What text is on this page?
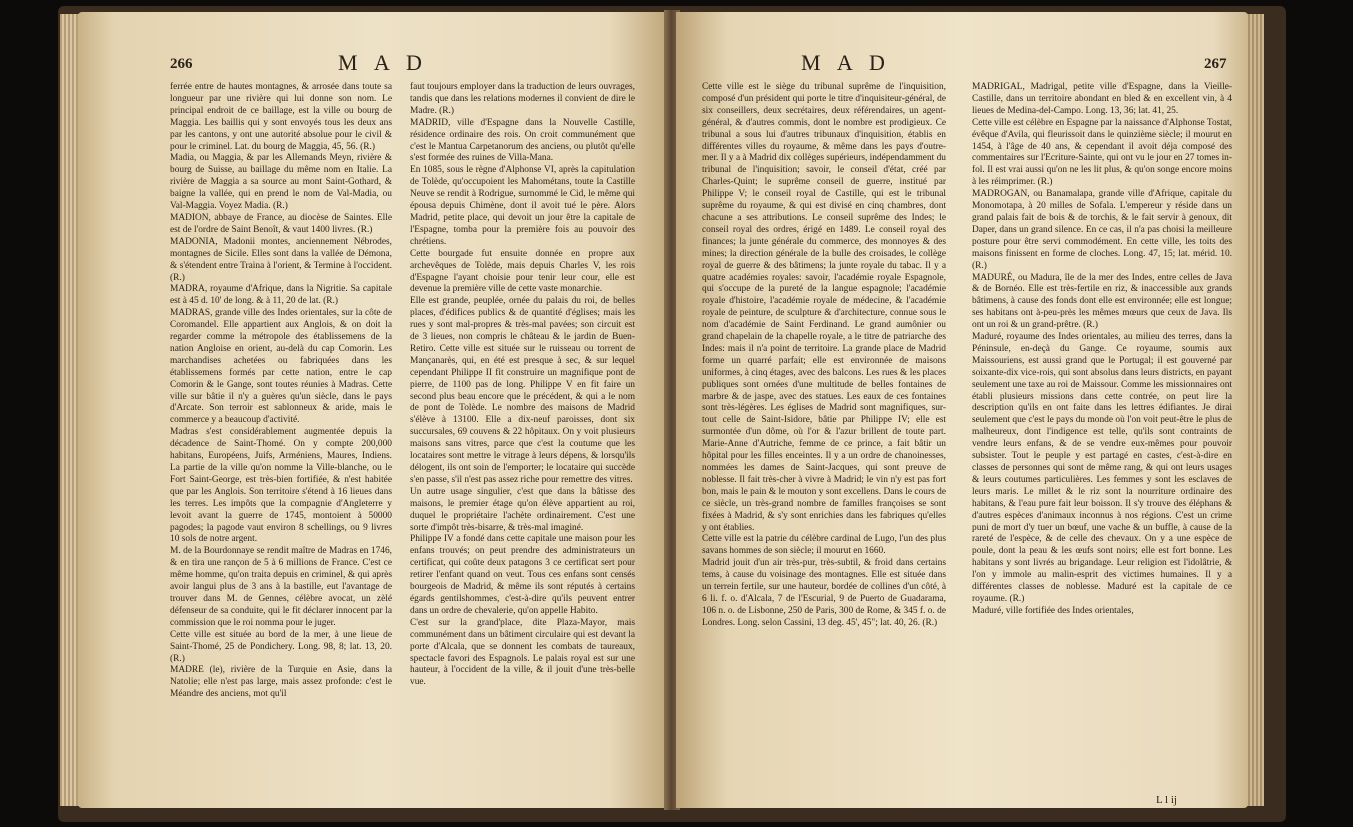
266	M A D

ferrée entre de hautes montagnes, & arrosée dans toute sa longueur par une rivière qui lui donne son nom. Le principal endroit de ce baillage, est la ville ou bourg de Maggia. Les baillis qui y sont envoyés tous les deux ans par les cantons, y ont une autorité absolue pour le civil & pour le criminel. Lat. du bourg de Maggia, 45, 56. (R.)

Madia, ou Maggia, & par les Allemands Meyn, rivière & bourg de Suisse, au baillage du même nom en Italie. La rivière de Maggia a sa source au mont Saint-Gothard, & baigne la vallée, qui en prend le nom de Val-Madia, ou Val-Maggia. Voyez Madia. (R.)

MADION, abbaye de France, au diocèse de Saintes. Elle est de l'ordre de Saint Benoît, & vaut 1400 livres. (R.)

MADONIA, Madonii montes, anciennement Nébrodes, montagnes de Sicile. Elles sont dans la vallée de Démona, & s'étendent entre Traina à l'orient, & Termine à l'occident. (R.)

MADRA, royaume d'Afrique, dans la Nigritie. Sa capitale est à 45 d. 10' de long. & à 11, 20 de lat. (R.)

MADRAS, grande ville des Indes orientales, sur la côte de Coromandel. Elle appartient aux Anglois, & on doit la regarder comme la métropole des établissemens de la nation Angloise en orient, au-delà du cap Comorin. Les marchandises achetées ou fabriquées dans les établissemens formés par cette nation, entre le cap Comorin & le Gange, sont toutes réunies à Madras. Cette ville sur bâtie il n'y a guères qu'un siècle, dans le pays d'Arcate. Son terroir est sablonneux & aride, mais le commerce y a beaucoup d'activité.

Madras s'est considérablement augmentée depuis la décadence de Saint-Thomé. On y compte 200,000 habitans, Européens, Juifs, Arméniens, Maures, Indiens. La partie de la ville qu'on nomme la Ville-blanche, ou le Fort Saint-George, est très-bien fortifiée, & n'est habitée que par les Anglois. Son territoire s'étend à 16 lieues dans les terres. Les impôts que la compagnie d'Angleterre y levoit avant la guerre de 1745, montoient à 50000 pagodes; la pagode vaut environ 8 schellings, ou 9 livres 10 sols de notre argent.

M. de la Bourdonnaye se rendit maître de Madras en 1746, & en tira une rançon de 5 à 6 millions de France. C'est ce même homme, qu'on traita depuis en criminel, & qui après avoir langui plus de 3 ans à la bastille, eut l'avantage de trouver dans M. de Gennes, célèbre avocat, un zèlé défenseur de sa conduite, qui le fit déclarer innocent par la commission que le roi nomma pour le juger.

Cette ville est située au bord de la mer, à une lieue de Saint-Thomé, 25 de Pondichery. Long. 98, 8; lat. 13, 20. (R.)

MADRE (le), rivière de la Turquie en Asie, dans la Natolie; elle n'est pas large, mais assez profonde: c'est le Méandre des anciens, mot qu'il

faut toujours employer dans la traduction de leurs ouvrages, tandis que dans les relations modernes il convient de dire le Madre. (R.)

MADRID, ville d'Espagne dans la Nouvelle Castille, résidence ordinaire des rois. On croit communément que c'est le Mantua Carpetanorum des anciens, ou plutôt qu'elle s'est formée des ruines de Villa-Mana.

En 1085, sous le règne d'Alphonse VI, après la capitulation de Tolède, qu'occupoient les Mahométans, toute la Castille Neuve se rendit à Rodrigue, surnommé le Cid, le même qui épousa depuis Chimène, dont il avoit tué le père. Alors Madrid, petite place, qui devoit un jour être la capitale de l'Espagne, tomba pour la première fois au pouvoir des chrétiens.

Cette bourgade fut ensuite donnée en propre aux archevêques de Tolède, mais depuis Charles V, les rois d'Espagne l'ayant choisie pour tenir leur cour, elle est devenue la première ville de cette vaste monarchie.

Elle est grande, peuplée, ornée du palais du roi, de belles places, d'édifices publics & de quantité d'églises; mais les rues y sont mal-propres & très-mal pavées; son circuit est de 3 lieues, non compris le château & le jardin de Buen-Retiro. Cette ville est située sur le ruisseau ou torrent de Mançanarès, qui, en été est presque à sec, & sur lequel cependant Philippe II fit construire un magnifique pont de pierre, de 1100 pas de long. Philippe V en fit faire un second plus beau encore que le précédent, & qui a le nom de pont de Tolède. Le nombre des maisons de Madrid s'élève à 13100. Elle a dix-neuf paroisses, dont six succursales, 69 couvens & 22 hôpitaux. On y voit plusieurs maisons sans vitres, parce que c'est la coutume que les locataires sont mettre le vitrage à leurs dépens, & lorsqu'ils délogent, ils ont soin de l'emporter; le locataire qui succède s'en passe, s'il n'est pas assez riche pour remettre des vitres.

Un autre usage singulier, c'est que dans la bâtisse des maisons, le premier étage qu'on élève appartient au roi, duquel le propriétaire l'achète ordinairement. C'est une sorte d'impôt très-bisarre, & très-mal imaginé.

Philippe IV a fondé dans cette capitale une maison pour les enfans trouvés; on peut prendre des administrateurs un certificat, qui coûte deux patagons 3 ce certificat sert pour retirer l'enfant quand on veut. Tous ces enfans sont censés bourgeois de Madrid, & même ils sont réputés à certains égards gentilshommes, c'est-à-dire qu'ils peuvent entrer dans un ordre de chevalerie, qu'on appelle Habito.

C'est sur la grand'place, dite Plaza-Mayor, mais communément dans un bâtiment circulaire qui est devant la porte d'Alcala, que se donnent les combats de taureaux, spectacle favori des Espagnols. Le palais royal est sur une hauteur, à l'occident de la ville, & il jouit d'une très-belle vue.

M A D	267

Cette ville est le siège du tribunal suprême de l'inquisition, composé d'un président qui porte le titre d'inquisiteur-général, de six conseillers, deux secrétaires, deux référendaires, un agent-général, & d'autres commis, dont le nombre est prodigieux. Ce tribunal a sous lui d'autres tribunaux d'inquisition, établis en différentes villes du royaume, & même dans les pays d'outre-mer. Il y a à Madrid dix collèges supérieurs, indépendamment du tribunal de l'inquisition; savoir, le conseil d'état, créé par Charles-Quint; le suprême conseil de guerre, institué par Philippe V; le conseil royal de Castille, qui est le tribunal suprême du royaume, & qui est divisé en cinq chambres, dont chacune a ses attributions. Le conseil suprême des Indes; le conseil royal des ordres, érigé en 1489. Le conseil royal des finances; la junte générale du commerce, des monnoyes & des mines; la direction générale de la bulle des croisades, le collège royal de guerre & des bâtimens; la junte royale du tabac. Il y a quatre académies royales: savoir, l'académie royale Espagnole, qui s'occupe de la pureté de la langue espagnole; l'académie royale d'histoire, l'académie royale de médecine, & l'académie royale de peinture, de sculpture & d'architecture, connue sous le nom d'académie de Saint Ferdinand. Le grand aumônier ou grand chapelain de la chapelle royale, a le titre de patriarche des Indes: mais il n'a point de territoire. La grande place de Madrid forme un quarré parfait; elle est environnée de maisons uniformes, à cinq étages, avec des balcons. Les rues & les places publiques sont ornées d'une multitude de belles fontaines de marbre & de jaspe, avec des statues. Les eaux de ces fontaines sont très-légères. Les églises de Madrid sont magnifiques, sur-tout celle de Saint-Isidore, bâtie par Philippe IV; elle est surmontée d'un dôme, où l'or & l'azur brillent de toute part. Marie-Anne d'Autriche, femme de ce prince, a fait bâtir un hôpital pour les filles enceintes. Il y a un ordre de chanoinesses, nommées les dames de Saint-Jacques, qui sont preuve de noblesse. Il fait très-cher à vivre à Madrid; le vin n'y est pas fort bon, mais le pain & le mouton y sont excellens. Dans le cours de ce siècle, un très-grand nombre de familles françoises se sont fixées à Madrid, & s'y sont enrichies dans les fabriques qu'elles y ont établies.

Cette ville est la patrie du célèbre cardinal de Lugo, l'un des plus savans hommes de son siècle; il mourut en 1660.

Madrid jouit d'un air très-pur, très-subtil, & froid dans certains tems, à cause du voisinage des montagnes. Elle est située dans un terrein fertile, sur une hauteur, bordée de collines d'un côté, à 6 li. f. o. d'Alcala, 7 de l'Escurial, 9 de Puerto de Guadarama, 106 n. o. de Lisbonne, 250 de Paris, 300 de Rome, & 345 f. o. de Londres. Long. selon Cassini, 13 deg. 45', 45"; lat. 40, 26. (R.)

MADRIGAL, Madrigal, petite ville d'Espagne, dans la Vieille-Castille, dans un territoire abondant en bled & en excellent vin, à 4 lieues de Medina-del-Campo. Long. 13, 36; lat. 41, 25.

Cette ville est célèbre en Espagne par la naissance d'Alphonse Tostat, évêque d'Avila, qui fleurissoit dans le quinzième siècle; il mourut en 1454, à l'âge de 40 ans, & cependant il avoit déja composé des commentaires sur l'Ecriture-Sainte, qui ont vu le jour en 27 tomes in-fol. Il est vrai aussi qu'on ne les lit plus, & qu'on songe encore moins à les réimprimer. (R.)

MADROGAN, ou Banamalapa, grande ville d'Afrique, capitale du Monomotapa, à 20 milles de Sofala. L'empereur y réside dans un grand palais fait de bois & de torchis, & le fait servir à genoux, dit Daper, dans un grand silence. En ce cas, il n'a pas choisi la meilleure posture pour être servi commodément. En cette ville, les toits des maisons finissent en forme de cloches. Long. 47, 15; lat. mérid. 10. (R.)

MADURÉ, ou Madura, île de la mer des Indes, entre celles de Java & de Bornéo. Elle est très-fertile en riz, & inaccessible aux grands bâtimens, à cause des fonds dont elle est environnée; elle est longue; ses habitans ont à-peu-près les mêmes mœurs que ceux de Java. Ils ont un roi & un grand-prêtre. (R.)

Maduré, royaume des Indes orientales, au milieu des terres, dans la Péninsule, en-deçà du Gange. Ce royaume, soumis aux Maissouriens, est aussi grand que le Portugal; il est gouverné par soixante-dix vice-rois, qui sont absolus dans leurs districts, en payant seulement une taxe au roi de Maissour. Comme les missionnaires ont établi plusieurs missions dans cette contrée, on peut lire la description qu'ils en ont faite dans les lettres édifiantes. Je dirai seulement que c'est le pays du monde où l'on voit peut-être le plus de malheureux, dont l'indigence est telle, qu'ils sont contraints de vendre leurs enfans, & de se vendre eux-mêmes pour pouvoir subsister. Tout le peuple y est partagé en castes, c'est-à-dire en classes de personnes qui sont de même rang, & qui ont leurs usages & leurs coutumes particulières. Les femmes y sont les esclaves de leurs maris. Le millet & le riz sont la nourriture ordinaire des habitans, & l'eau pure fait leur boisson. Il s'y trouve des éléphans & d'autres espèces d'animaux inconnus à nos régions. C'est un crime puni de mort d'y tuer un bœuf, une vache & un buffle, à cause de la rareté de l'espèce, & de celle des chevaux. On y a une espèce de poule, dont la peau & les œufs sont noirs; elle est fort bonne. Les habitans y sont livrés au brigandage. Leur religion est l'idolâtrie, & l'on y immole au malin-esprit des victimes humaines. Il y a différentes classes de noblesse. Maduré est la capitale de ce royaume. (R.)

Maduré, ville fortifiée des Indes orientales,

L l ij
